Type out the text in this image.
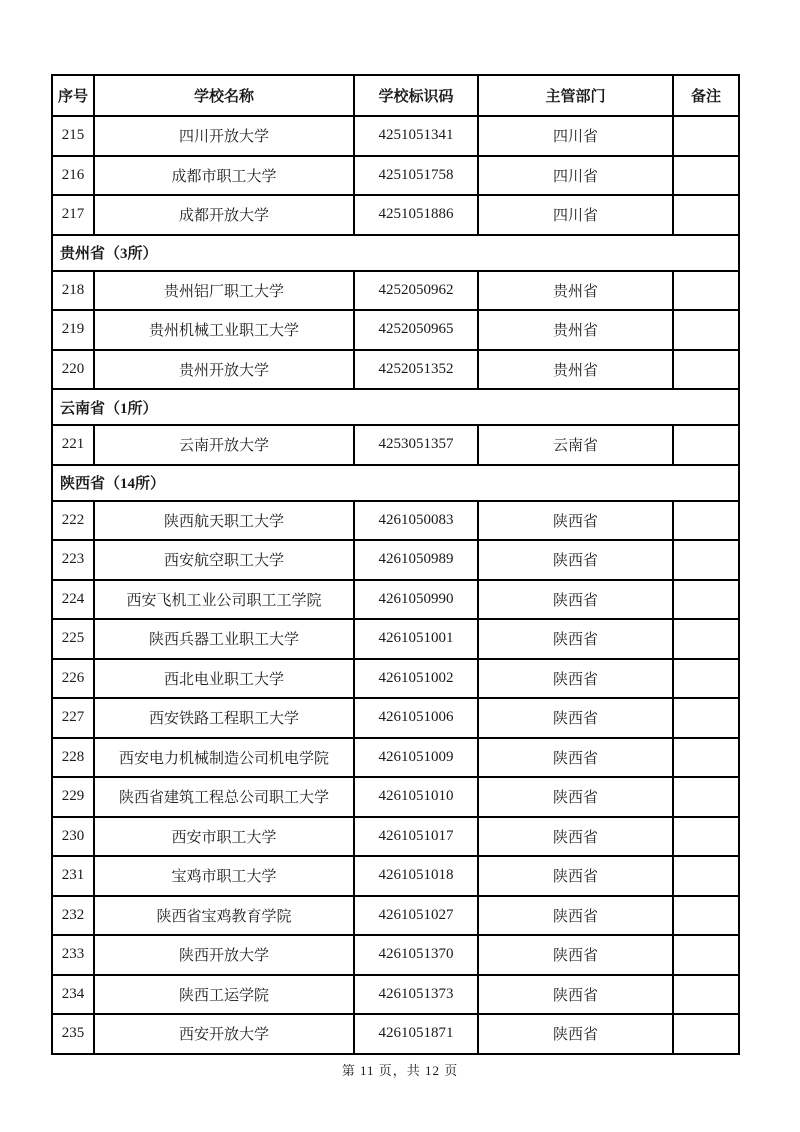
序号	学校名称	学校标识码	主管部门	备注
215	四川开放大学	4251051341	四川省	
216	成都市职工大学	4251051758	四川省	
217	成都开放大学	4251051886	四川省	
贵州省（3所）				
218	贵州铝厂职工大学	4252050962	贵州省	
219	贵州机械工业职工大学	4252050965	贵州省	
220	贵州开放大学	4252051352	贵州省	
云南省（1所）				
221	云南开放大学	4253051357	云南省	
陕西省（14所）				
222	陕西航天职工大学	4261050083	陕西省	
223	西安航空职工大学	4261050989	陕西省	
224	西安飞机工业公司职工工学院	4261050990	陕西省	
225	陕西兵器工业职工大学	4261051001	陕西省	
226	西北电业职工大学	4261051002	陕西省	
227	西安铁路工程职工大学	4261051006	陕西省	
228	西安电力机械制造公司机电学院	4261051009	陕西省	
229	陕西省建筑工程总公司职工大学	4261051010	陕西省	
230	西安市职工大学	4261051017	陕西省	
231	宝鸡市职工大学	4261051018	陕西省	
232	陕西省宝鸡教育学院	4261051027	陕西省	
233	陕西开放大学	4261051370	陕西省	
234	陕西工运学院	4261051373	陕西省	
235	西安开放大学	4261051871	陕西省	
第 11 页，共 12 页
